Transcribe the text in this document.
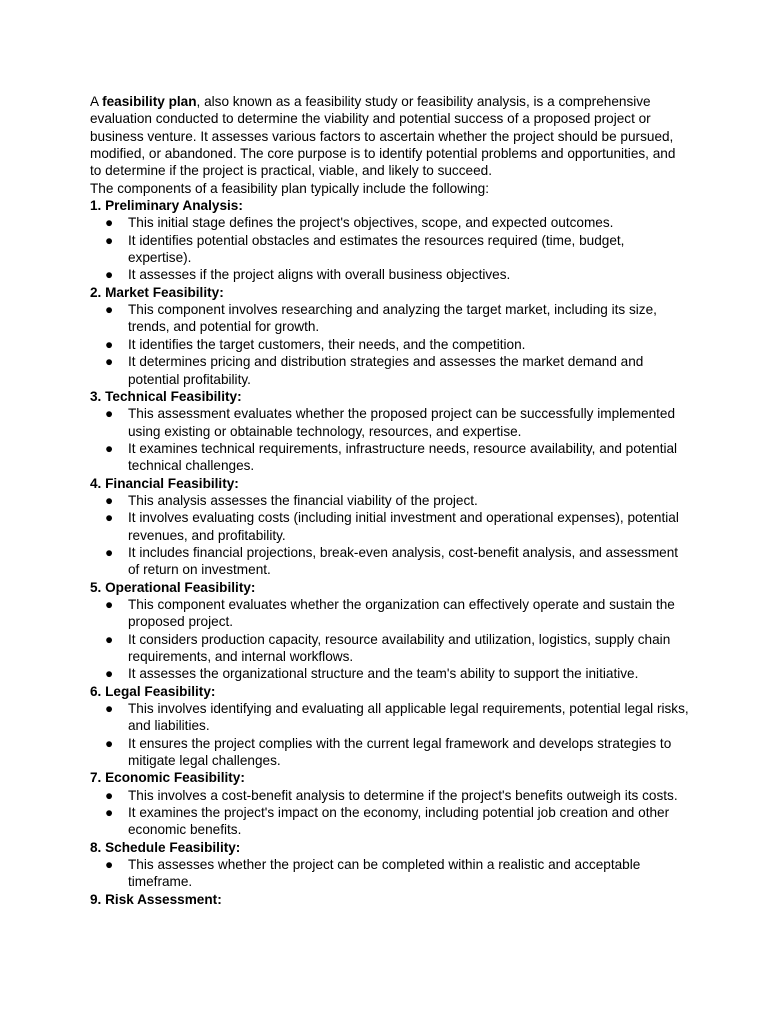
A feasibility plan, also known as a feasibility study or feasibility analysis, is a comprehensive evaluation conducted to determine the viability and potential success of a proposed project or business venture. It assesses various factors to ascertain whether the project should be pursued, modified, or abandoned. The core purpose is to identify potential problems and opportunities, and to determine if the project is practical, viable, and likely to succeed.

The components of a feasibility plan typically include the following:

1. Preliminary Analysis:

● This initial stage defines the project's objectives, scope, and expected outcomes.
● It identifies potential obstacles and estimates the resources required (time, budget, expertise).
● It assesses if the project aligns with overall business objectives.

2. Market Feasibility:

● This component involves researching and analyzing the target market, including its size, trends, and potential for growth.
● It identifies the target customers, their needs, and the competition.
● It determines pricing and distribution strategies and assesses the market demand and potential profitability.

3. Technical Feasibility:

● This assessment evaluates whether the proposed project can be successfully implemented using existing or obtainable technology, resources, and expertise.
● It examines technical requirements, infrastructure needs, resource availability, and potential technical challenges.

4. Financial Feasibility:

● This analysis assesses the financial viability of the project.
● It involves evaluating costs (including initial investment and operational expenses), potential revenues, and profitability.
● It includes financial projections, break-even analysis, cost-benefit analysis, and assessment of return on investment.

5. Operational Feasibility:

● This component evaluates whether the organization can effectively operate and sustain the proposed project.
● It considers production capacity, resource availability and utilization, logistics, supply chain requirements, and internal workflows.
● It assesses the organizational structure and the team's ability to support the initiative.

6. Legal Feasibility:

● This involves identifying and evaluating all applicable legal requirements, potential legal risks, and liabilities.
● It ensures the project complies with the current legal framework and develops strategies to mitigate legal challenges.

7. Economic Feasibility:

● This involves a cost-benefit analysis to determine if the project's benefits outweigh its costs.
● It examines the project's impact on the economy, including potential job creation and other economic benefits.

8. Schedule Feasibility:

● This assesses whether the project can be completed within a realistic and acceptable timeframe.

9. Risk Assessment:
